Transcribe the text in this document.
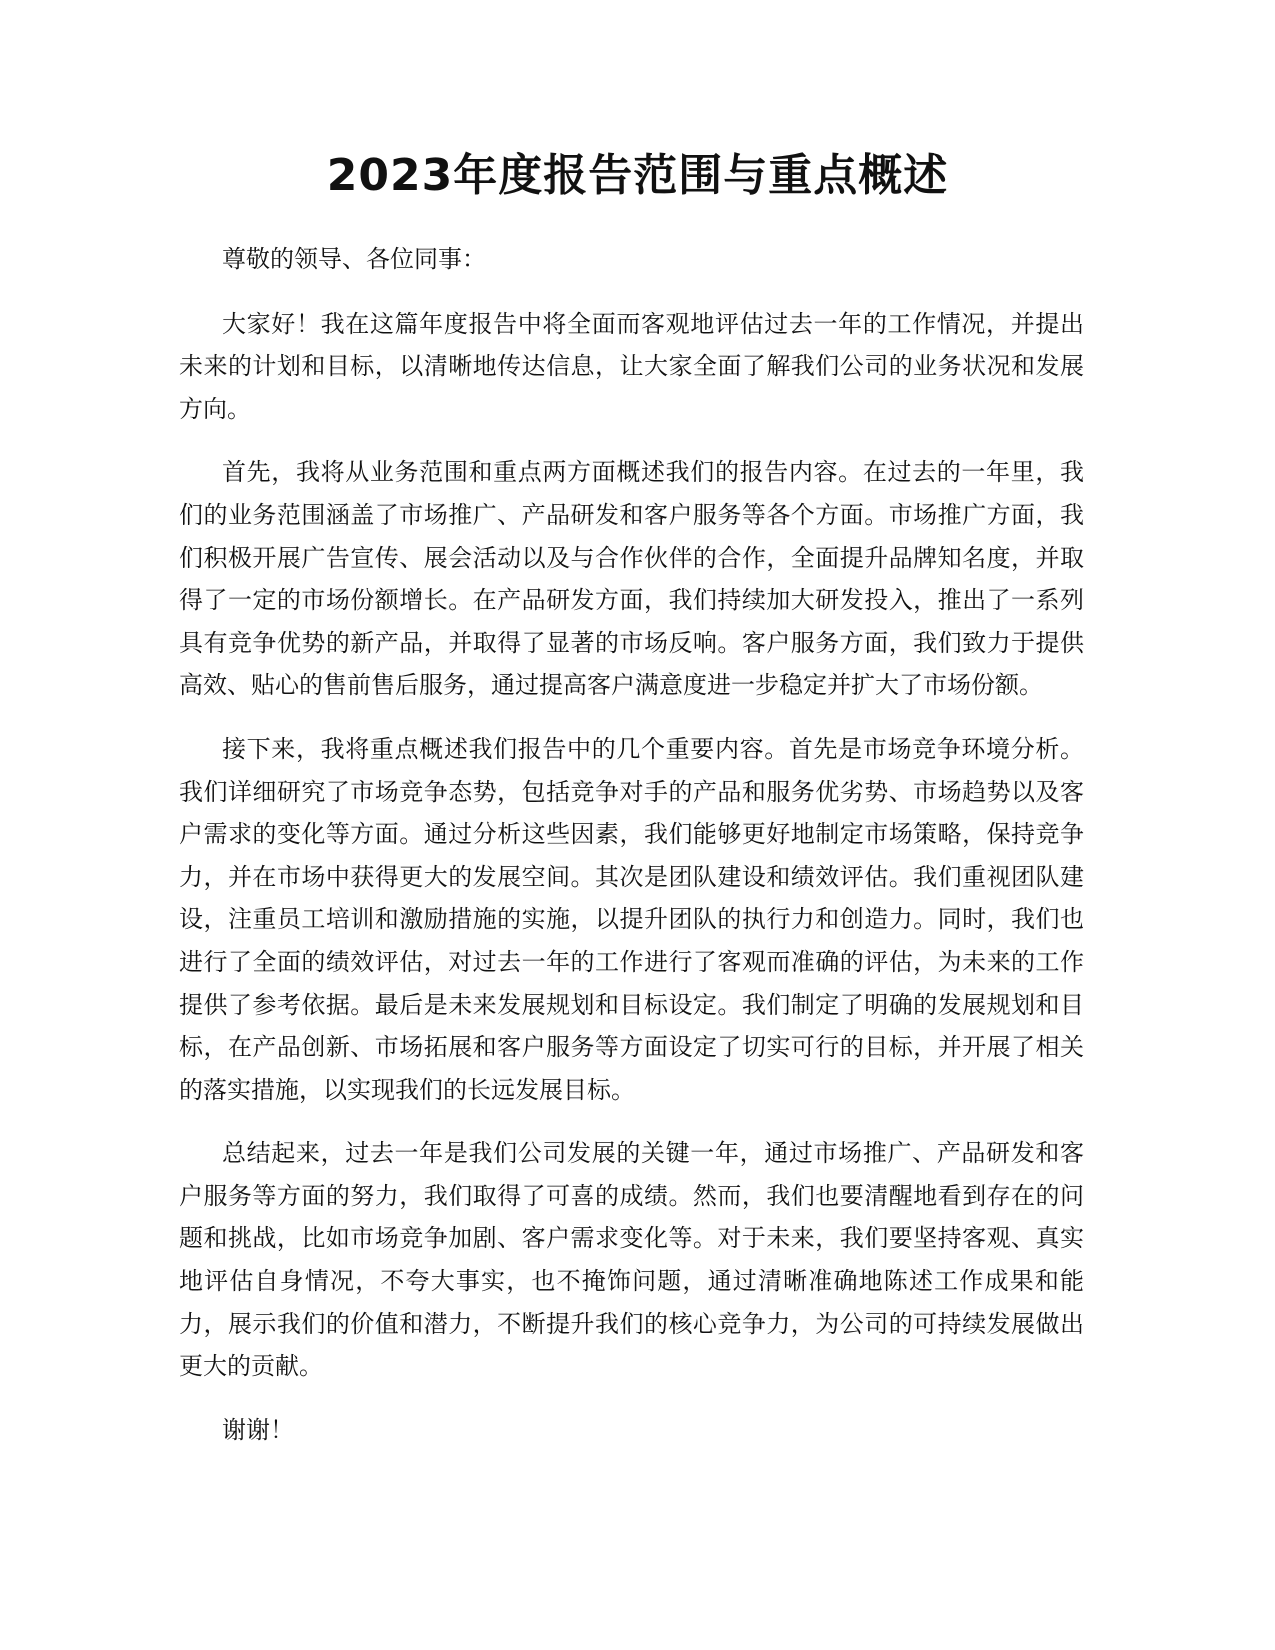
2023年度报告范围与重点概述

尊敬的领导、各位同事：

大家好！我在这篇年度报告中将全面而客观地评估过去一年的工作情况，并提出未来的计划和目标，以清晰地传达信息，让大家全面了解我们公司的业务状况和发展方向。

首先，我将从业务范围和重点两方面概述我们的报告内容。在过去的一年里，我们的业务范围涵盖了市场推广、产品研发和客户服务等各个方面。市场推广方面，我们积极开展广告宣传、展会活动以及与合作伙伴的合作，全面提升品牌知名度，并取得了一定的市场份额增长。在产品研发方面，我们持续加大研发投入，推出了一系列具有竞争优势的新产品，并取得了显著的市场反响。客户服务方面，我们致力于提供高效、贴心的售前售后服务，通过提高客户满意度进一步稳定并扩大了市场份额。

接下来，我将重点概述我们报告中的几个重要内容。首先是市场竞争环境分析。我们详细研究了市场竞争态势，包括竞争对手的产品和服务优劣势、市场趋势以及客户需求的变化等方面。通过分析这些因素，我们能够更好地制定市场策略，保持竞争力，并在市场中获得更大的发展空间。其次是团队建设和绩效评估。我们重视团队建设，注重员工培训和激励措施的实施，以提升团队的执行力和创造力。同时，我们也进行了全面的绩效评估，对过去一年的工作进行了客观而准确的评估，为未来的工作提供了参考依据。最后是未来发展规划和目标设定。我们制定了明确的发展规划和目标，在产品创新、市场拓展和客户服务等方面设定了切实可行的目标，并开展了相关的落实措施，以实现我们的长远发展目标。

总结起来，过去一年是我们公司发展的关键一年，通过市场推广、产品研发和客户服务等方面的努力，我们取得了可喜的成绩。然而，我们也要清醒地看到存在的问题和挑战，比如市场竞争加剧、客户需求变化等。对于未来，我们要坚持客观、真实地评估自身情况，不夸大事实，也不掩饰问题，通过清晰准确地陈述工作成果和能力，展示我们的价值和潜力，不断提升我们的核心竞争力，为公司的可持续发展做出更大的贡献。

谢谢！
